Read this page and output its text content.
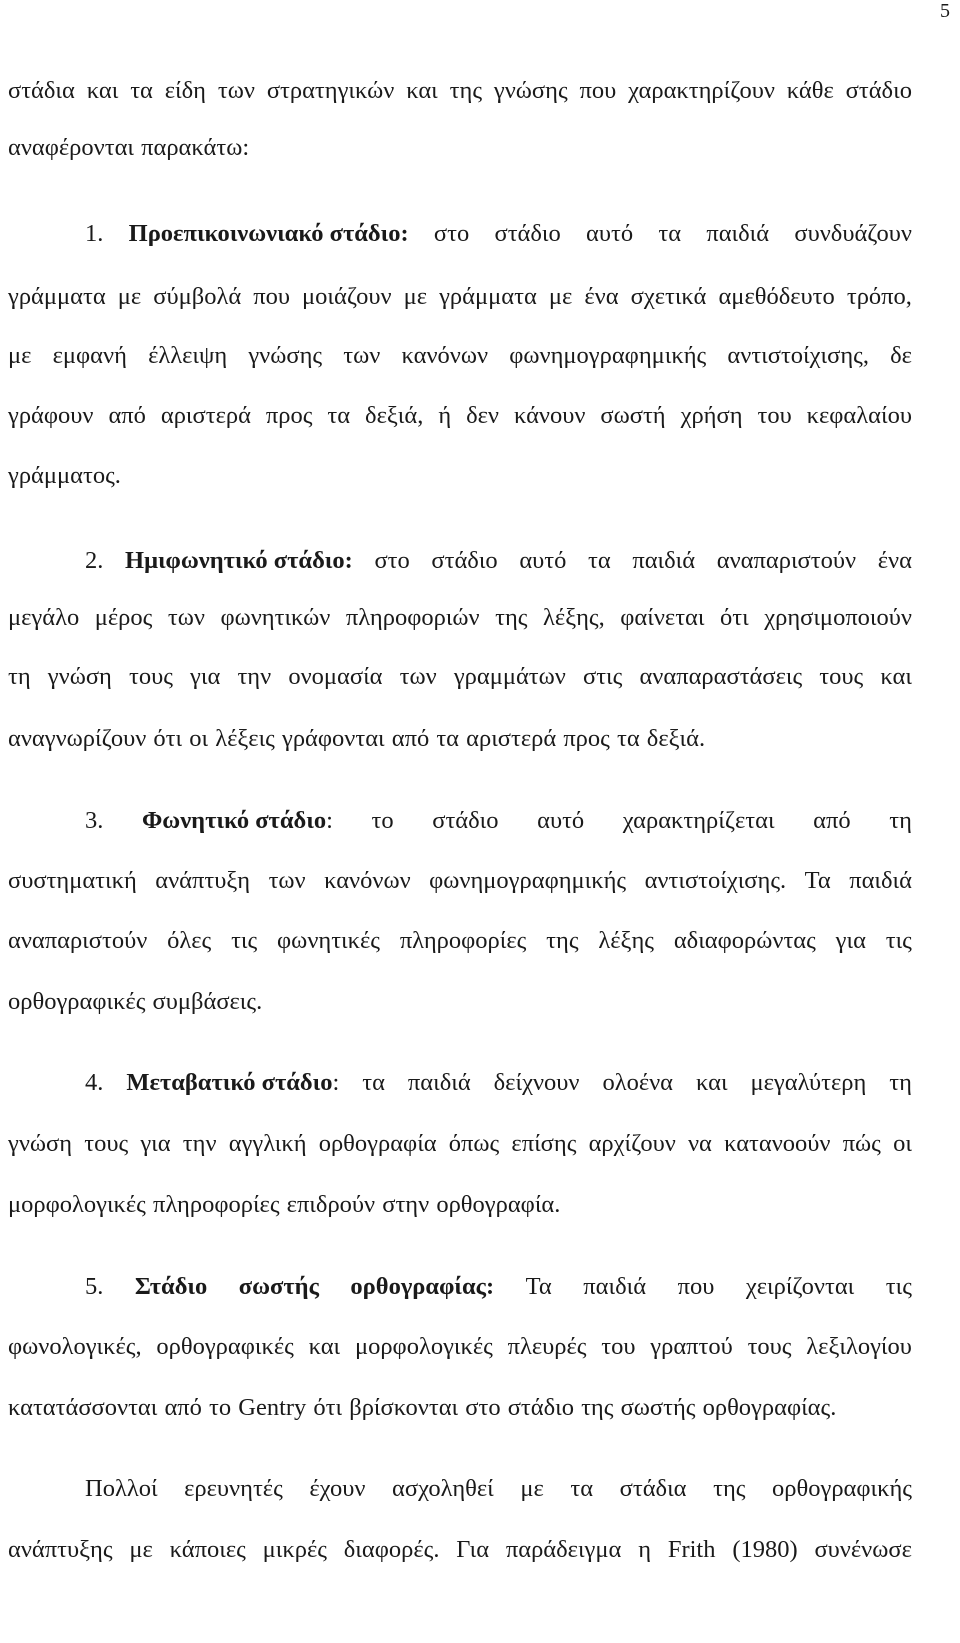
5
στάδια και τα είδη των στρατηγικών και της γνώσης που χαρακτηρίζουν κάθε στάδιο
αναφέρονται παρακάτω:
1. Προεπικοινωνιακό στάδιο: στο στάδιο αυτό τα παιδιά συνδυάζουν
γράμματα με σύμβολά που μοιάζουν με γράμματα με ένα σχετικά αμεθόδευτο τρόπο,
με εμφανή έλλειψη γνώσης των κανόνων φωνημογραφημικής αντιστοίχισης, δε
γράφουν από αριστερά προς τα δεξιά, ή δεν κάνουν σωστή χρήση του κεφαλαίου
γράμματος.
2. Ημιφωνητικό στάδιο: στο στάδιο αυτό τα παιδιά αναπαριστούν ένα
μεγάλο μέρος των φωνητικών πληροφοριών της λέξης, φαίνεται ότι χρησιμοποιούν
τη γνώση τους για την ονομασία των γραμμάτων στις αναπαραστάσεις τους και
αναγνωρίζουν ότι οι λέξεις γράφονται από τα αριστερά προς τα δεξιά.
3. Φωνητικό στάδιο: το στάδιο αυτό χαρακτηρίζεται από τη
συστηματική ανάπτυξη των κανόνων φωνημογραφημικής αντιστοίχισης. Τα παιδιά
αναπαριστούν όλες τις φωνητικές πληροφορίες της λέξης αδιαφορώντας για τις
ορθογραφικές συμβάσεις.
4. Μεταβατικό στάδιο: τα παιδιά δείχνουν ολοένα και μεγαλύτερη τη
γνώση τους για την αγγλική ορθογραφία όπως επίσης αρχίζουν να κατανοούν πώς οι
μορφολογικές πληροφορίες επιδρούν στην ορθογραφία.
5. Στάδιο σωστής ορθογραφίας: Τα παιδιά που χειρίζονται τις
φωνολογικές, ορθογραφικές και μορφολογικές πλευρές του γραπτού τους λεξιλογίου
κατατάσσονται από το Gentry ότι βρίσκονται στο στάδιο της σωστής ορθογραφίας.
Πολλοί ερευνητές έχουν ασχοληθεί με τα στάδια της ορθογραφικής
ανάπτυξης με κάποιες μικρές διαφορές. Για παράδειγμα η Frith (1980) συνένωσε
